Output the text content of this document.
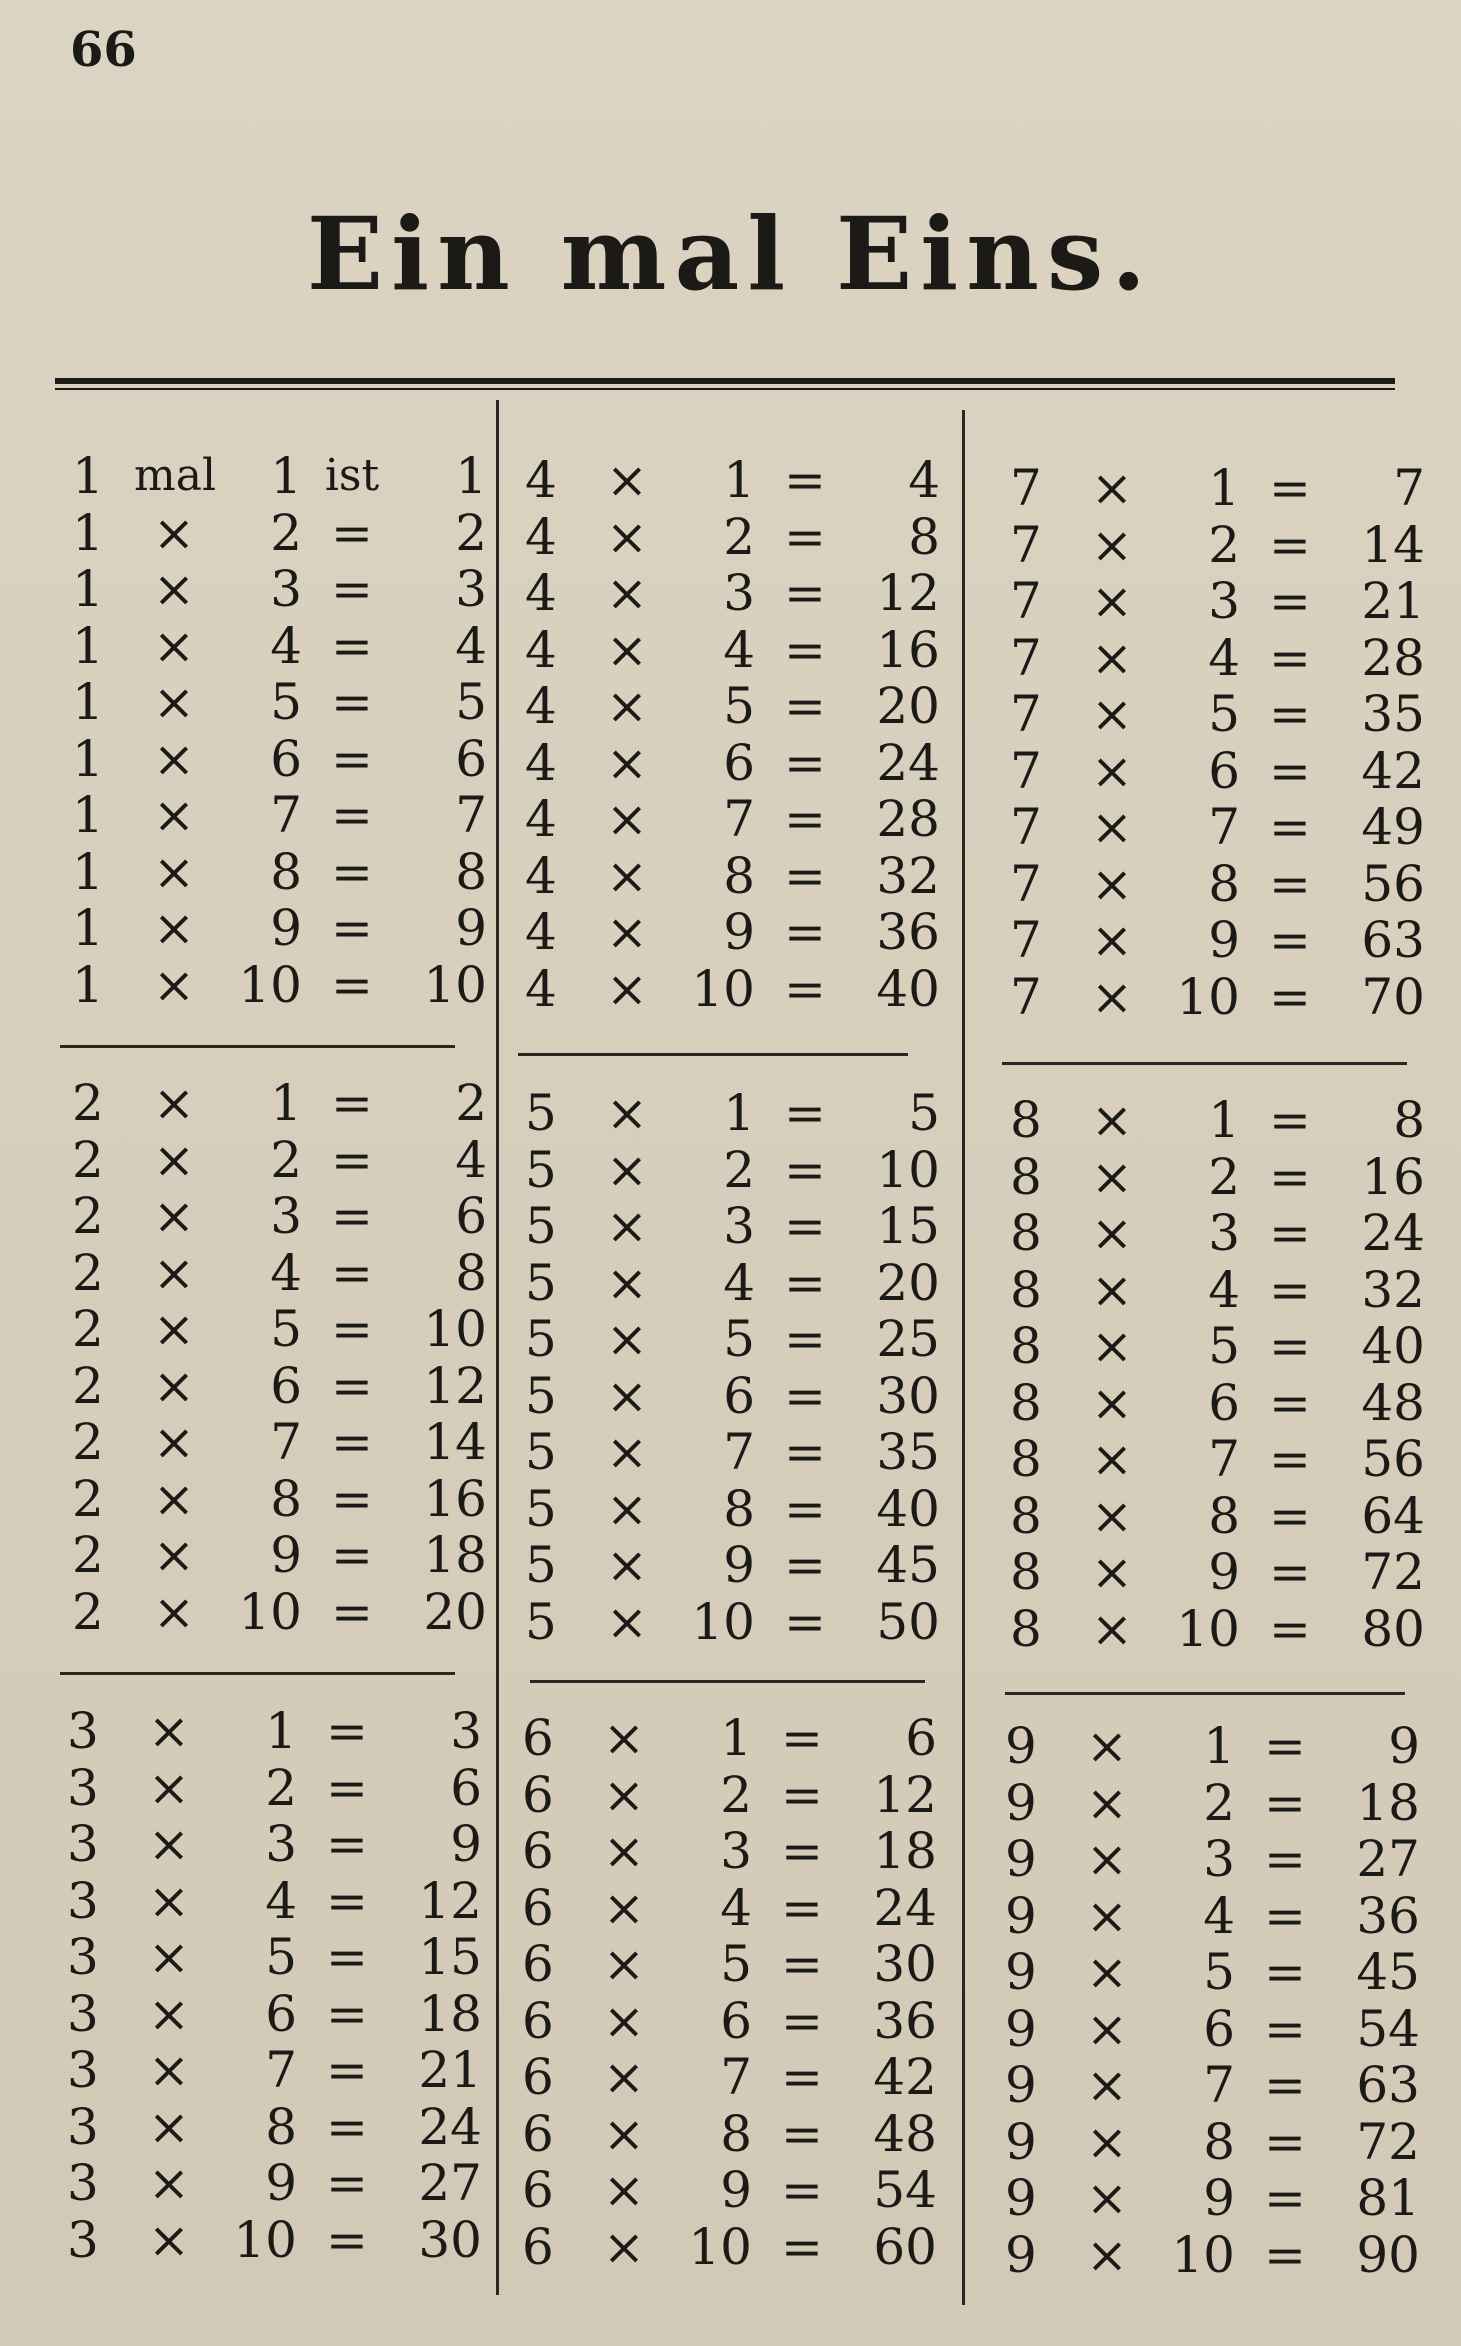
66
Ein mal Eins.
1 mal	1 ist	1
1 ×	2 =	2
1 ×	3 =	3
1 ×	4 =	4
1 ×	5 =	5
1 ×	6 =	6
1 ×	7 =	7
1 ×	8 =	8
1 ×	9 =	9
1 × 10 =	10
2 ×	1 =	2
2 ×	2 =	4
2 ×	3 =	6
2 ×	4 =	8
2 ×	5 =	10
2 ×	6 =	12
2 ×	7 =	14
2 ×	8 =	16
2 ×	9 =	18
2 × 10 =	20
3 ×	1 =	3
3 ×	2 =	6
3 ×	3 =	9
3 ×	4 =	12
3 ×	5 =	15
3 ×	6 =	18
3 ×	7 =	21
3 ×	8 =	24
3 ×	9 =	27
3 × 10 =	30
4 ×	1 =	4
4 ×	2 =	8
4 ×	3 =	12
4 ×	4 =	16
4 ×	5 =	20
4 ×	6 =	24
4 ×	7 =	28
4 ×	8 =	32
4 ×	9 =	36
4 × 10 =	40
5 ×	1 =	5
5 ×	2 =	10
5 ×	3 =	15
5 ×	4 =	20
5 ×	5 =	25
5 ×	6 =	30
5 ×	7 =	35
5 ×	8 =	40
5 ×	9 =	45
5 × 10 =	50
6 ×	1 =	6
6 ×	2 =	12
6 ×	3 =	18
6 ×	4 =	24
6 ×	5 =	30
6 ×	6 =	36
6 ×	7 =	42
6 ×	8 =	48
6 ×	9 =	54
6 × 10 =	60
7 ×	1 =	7
7 ×	2 =	14
7 ×	3 =	21
7 ×	4 =	28
7 ×	5 =	35
7 ×	6 =	42
7 ×	7 =	49
7 ×	8 =	56
7 ×	9 =	63
7 × 10 =	70
8 ×	1 =	8
8 ×	2 =	16
8 ×	3 =	24
8 ×	4 =	32
8 ×	5 =	40
8 ×	6 =	48
8 ×	7 =	56
8 ×	8 =	64
8 ×	9 =	72
8 × 10 =	80
9 ×	1 =	9
9 ×	2 =	18
9 ×	3 =	27
9 ×	4 =	36
9 ×	5 =	45
9 ×	6 =	54
9 ×	7 =	63
9 ×	8 =	72
9 ×	9 =	81
9 × 10 =	90
